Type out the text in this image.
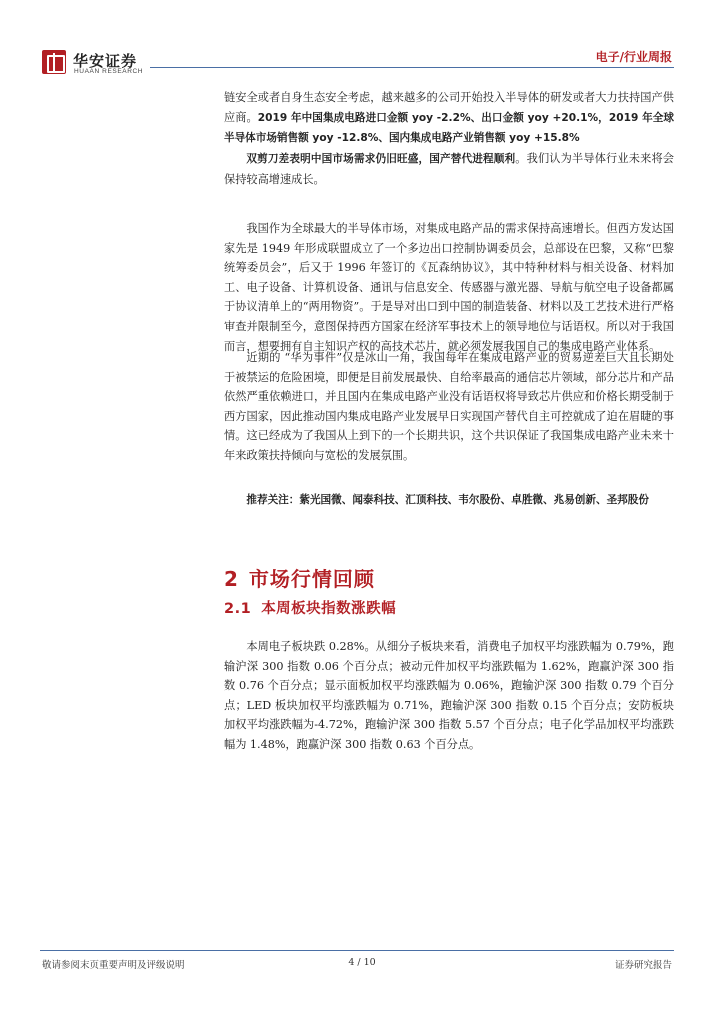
华安证券
HUAAN RESEARCH
电子/行业周报
链安全或者自身生态安全考虑，越来越多的公司开始投入半导体的研发或者大力扶持国产供应商。2019 年中国集成电路进口金额 yoy -2.2%、出口金额 yoy +20.1%，2019 年全球半导体市场销售额 yoy -12.8%、国内集成电路产业销售额 yoy +15.8%
双剪刀差表明中国市场需求仍旧旺盛，国产替代进程顺利。我们认为半导体行业未来将会保持较高增速成长。
我国作为全球最大的半导体市场，对集成电路产品的需求保持高速增长。但西方发达国家先是 1949 年形成联盟成立了一个多边出口控制协调委员会，总部设在巴黎，又称“巴黎统筹委员会”，后又于 1996 年签订的《瓦森纳协议》，其中特种材料与相关设备、材料加工、电子设备、计算机设备、通讯与信息安全、传感器与激光器、导航与航空电子设备都属于协议清单上的“两用物资”。于是导对出口到中国的制造装备、材料以及工艺技术进行严格审查并限制至今，意图保持西方国家在经济军事技术上的领导地位与话语权。所以对于我国而言，想要拥有自主知识产权的高技术芯片，就必须发展我国自己的集成电路产业体系。
近期的 “华为事件”仅是冰山一角，我国每年在集成电路产业的贸易逆差巨大且长期处于被禁运的危险困境，即便是目前发展最快、自给率最高的通信芯片领域，部分芯片和产品依然严重依赖进口，并且国内在集成电路产业没有话语权将导致芯片供应和价格长期受制于西方国家，因此推动国内集成电路产业发展早日实现国产替代自主可控就成了迫在眉睫的事情。这已经成为了我国从上到下的一个长期共识，这个共识保证了我国集成电路产业未来十年来政策扶持倾向与宽松的发展氛围。
推荐关注：紫光国微、闻泰科技、汇顶科技、韦尔股份、卓胜微、兆易创新、圣邦股份
2 市场行情回顾
2.1 本周板块指数涨跌幅
本周电子板块跌 0.28%。从细分子板块来看，消费电子加权平均涨跌幅为 0.79%，跑输沪深 300 指数 0.06 个百分点；被动元件加权平均涨跌幅为 1.62%，跑赢沪深 300 指数 0.76 个百分点；显示面板加权平均涨跌幅为 0.06%，跑输沪深 300 指数 0.79 个百分点；LED 板块加权平均涨跌幅为 0.71%，跑输沪深 300 指数 0.15 个百分点；安防板块加权平均涨跌幅为-4.72%，跑输沪深 300 指数 5.57 个百分点；电子化学品加权平均涨跌幅为 1.48%，跑赢沪深 300 指数 0.63 个百分点。
敬请参阅末页重要声明及评级说明	4 / 10	证券研究报告
